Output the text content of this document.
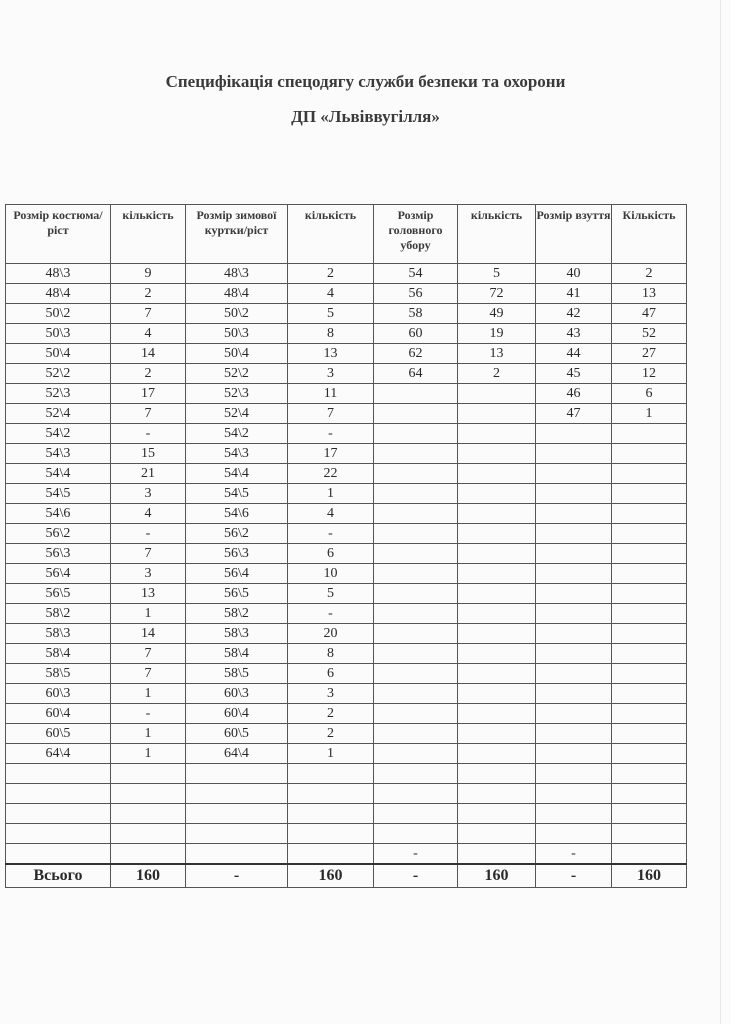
Специфікація спецодягу служби безпеки та охорони
ДП «Львіввугілля»
Розмір костюма/ ріст	кількість	Розмір зимової куртки/ріст	кількість	Розмір головного убору	кількість	Розмір взуття	Кількість
48\3	9	48\3	2	54	5	40	2
48\4	2	48\4	4	56	72	41	13
50\2	7	50\2	5	58	49	42	47
50\3	4	50\3	8	60	19	43	52
50\4	14	50\4	13	62	13	44	27
52\2	2	52\2	3	64	2	45	12
52\3	17	52\3	11			46	6
52\4	7	52\4	7			47	1
54\2	-	54\2	-				
54\3	15	54\3	17				
54\4	21	54\4	22				
54\5	3	54\5	1				
54\6	4	54\6	4				
56\2	-	56\2	-				
56\3	7	56\3	6				
56\4	3	56\4	10				
56\5	13	56\5	5				
58\2	1	58\2	-				
58\3	14	58\3	20				
58\4	7	58\4	8				
58\5	7	58\5	6				
60\3	1	60\3	3				
60\4	-	60\4	2				
60\5	1	60\5	2				
64\4	1	64\4	1				

				-		-	
Всього	160	-	160	-	160	-	160
